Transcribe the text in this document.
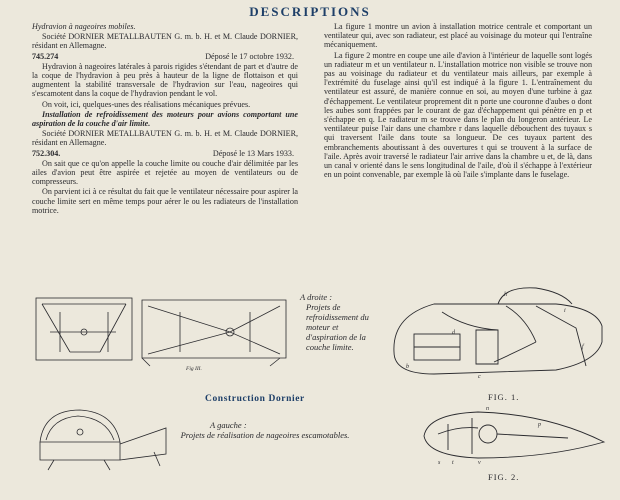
DESCRIPTIONS

Hydravion à nageoires mobiles.

Société DORNIER METALLBAUTEN G. m. b. H. et M. Claude DORNIER, résidant en Allemagne.

745.274	Déposé le 17 octobre 1932.

Hydravion à nageoires latérales à parois rigides s'étendant de part et d'autre de la coque de l'hydravion à peu près à hauteur de la ligne de flottaison et qui augmentent la stabilité transversale de l'hydravion sur l'eau, nageoires qui s'escamotent dans la coque de l'hydravion pendant le vol.

On voit, ici, quelques-unes des réalisations mécaniques prévues.

Installation de refroidissement des moteurs pour avions comportant une aspiration de la couche d'air limite.

Société DORNIER METALLBAUTEN G. m. b. H. et M. Claude DORNIER, résidant en Allemagne.

752.304.	Déposé le 13 Mars 1933.

On sait que ce qu'on appelle la couche limite ou couche d'air délimitée par les ailes d'avion peut être aspirée et rejetée au moyen de ventilateurs ou de compresseurs.

On parvient ici à ce résultat du fait que le ventilateur nécessaire pour aspirer la couche limite sert en même temps pour aérer le ou les radiateurs de l'installation motrice.

La figure 1 montre un avion à installation motrice centrale et comportant un ventilateur qui, avec son radiateur, est placé au voisinage du moteur qui l'entraîne mécaniquement.

La figure 2 montre en coupe une aile d'avion à l'intérieur de laquelle sont logés un radiateur m et un ventilateur n. L'installation motrice non visible se trouve non pas au voisinage du radiateur et du ventilateur mais ailleurs, par exemple à l'extrémité du fuselage ainsi qu'il est indiqué à la figure 1. L'entraînement du ventilateur est assuré, de manière connue en soi, au moyen d'une turbine à gaz d'échappement. Le ventilateur proprement dit n porte une couronne d'aubes o dont les aubes sont frappées par le courant de gaz d'échappement qui pénètre en p et s'échappe en q. Le radiateur m se trouve dans le plan du longeron antérieur. Le ventilateur puise l'air dans une chambre r dans laquelle débouchent des tuyaux s qui traversent l'aile dans toute sa longueur. De ces tuyaux partent des embranchements aboutissant à des ouvertures t qui se trouvent à la surface de l'aile. Après avoir traversé le radiateur l'air arrive dans la chambre u et, de là, dans un canal v orienté dans le sens longitudinal de l'aile, d'où il s'échappe à l'extérieur en un point convenable, par exemple là où l'aile s'implante dans le fuselage.

Fig III.
A droite :
Projets de refroidissement du moteur et d'aspiration de la couche limite.
b
d
c
h
i
f
Construction Dornier	FIG. 1.
A gauche :
Projets de réalisation de nageoires escamotables.
s t	v
n
p
FIG. 2.
